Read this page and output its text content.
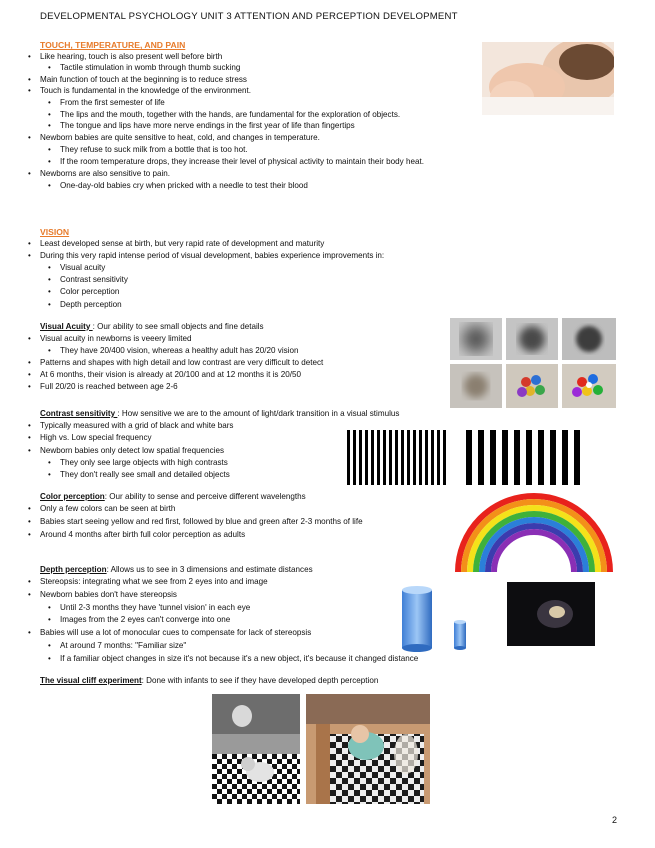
DEVELOPMENTAL PSYCHOLOGY UNIT 3 ATTENTION AND PERCEPTION DEVELOPMENT
TOUCH, TEMPERATURE, AND PAIN
• Like hearing, touch is also present well before birth
• Tactile stimulation in womb through thumb sucking
• Main function of touch at the beginning is to reduce stress
• Touch is fundamental in the knowledge of the environment.
• From the first semester of life
• The lips and the mouth, together with the hands, are fundamental for the exploration of objects.
• The tongue and lips have more nerve endings in the first year of life than fingertips
• Newborn babies are quite sensitive to heat, cold, and changes in temperature.
• They refuse to suck milk from a bottle that is too hot.
• If the room temperature drops, they increase their level of physical activity to maintain their body heat.
• Newborns are also sensitive to pain.
• One-day-old babies cry when pricked with a needle to test their blood
VISION
• Least developed sense at birth, but very rapid rate of development and maturity
• During this very rapid intense period of visual development, babies experience improvements in:
• Visual acuity
• Contrast sensitivity
• Color perception
• Depth perception
Visual Acuity : Our ability to see small objects and fine details
• Visual acuity in newborns is veeery limited
• They have 20/400 vision, whereas a healthy adult has 20/20 vision
• Patterns and shapes with high detail and low contrast are very difficult to detect
• At 6 months, their vision is already at 20/100 and at 12 months it is 20/50
• Full 20/20 is reached between age 2-6
Contrast sensitivity : How sensitive we are to the amount of light/dark transition in a visual stimulus
• Typically measured with a grid of black and white bars
• High vs. Low special frequency
• Newborn babies only detect low spatial frequencies
• They only see large objects with high contrasts
• They don't really see small and detailed objects
Color perception: Our ability to sense and perceive different wavelengths
• Only a few colors can be seen at birth
• Babies start seeing yellow and red first, followed by blue and green after 2-3 months of life
• Around 4 months after birth full color perception as adults
Depth perception: Allows us to see in 3 dimensions and estimate distances
• Stereopsis: integrating what we see from 2 eyes into and image
• Newborn babies don't have stereopsis
• Until 2-3 months they have 'tunnel vision' in each eye
• Images from the 2 eyes can't converge into one
• Babies will use a lot of monocular cues to compensate for lack of stereopsis
• At around 7 months: "Familiar size"
• If a familiar object changes in size it's not because it's a new object, it's because it changed distance
The visual cliff experiment: Done with infants to see if they have developed depth perception
2
